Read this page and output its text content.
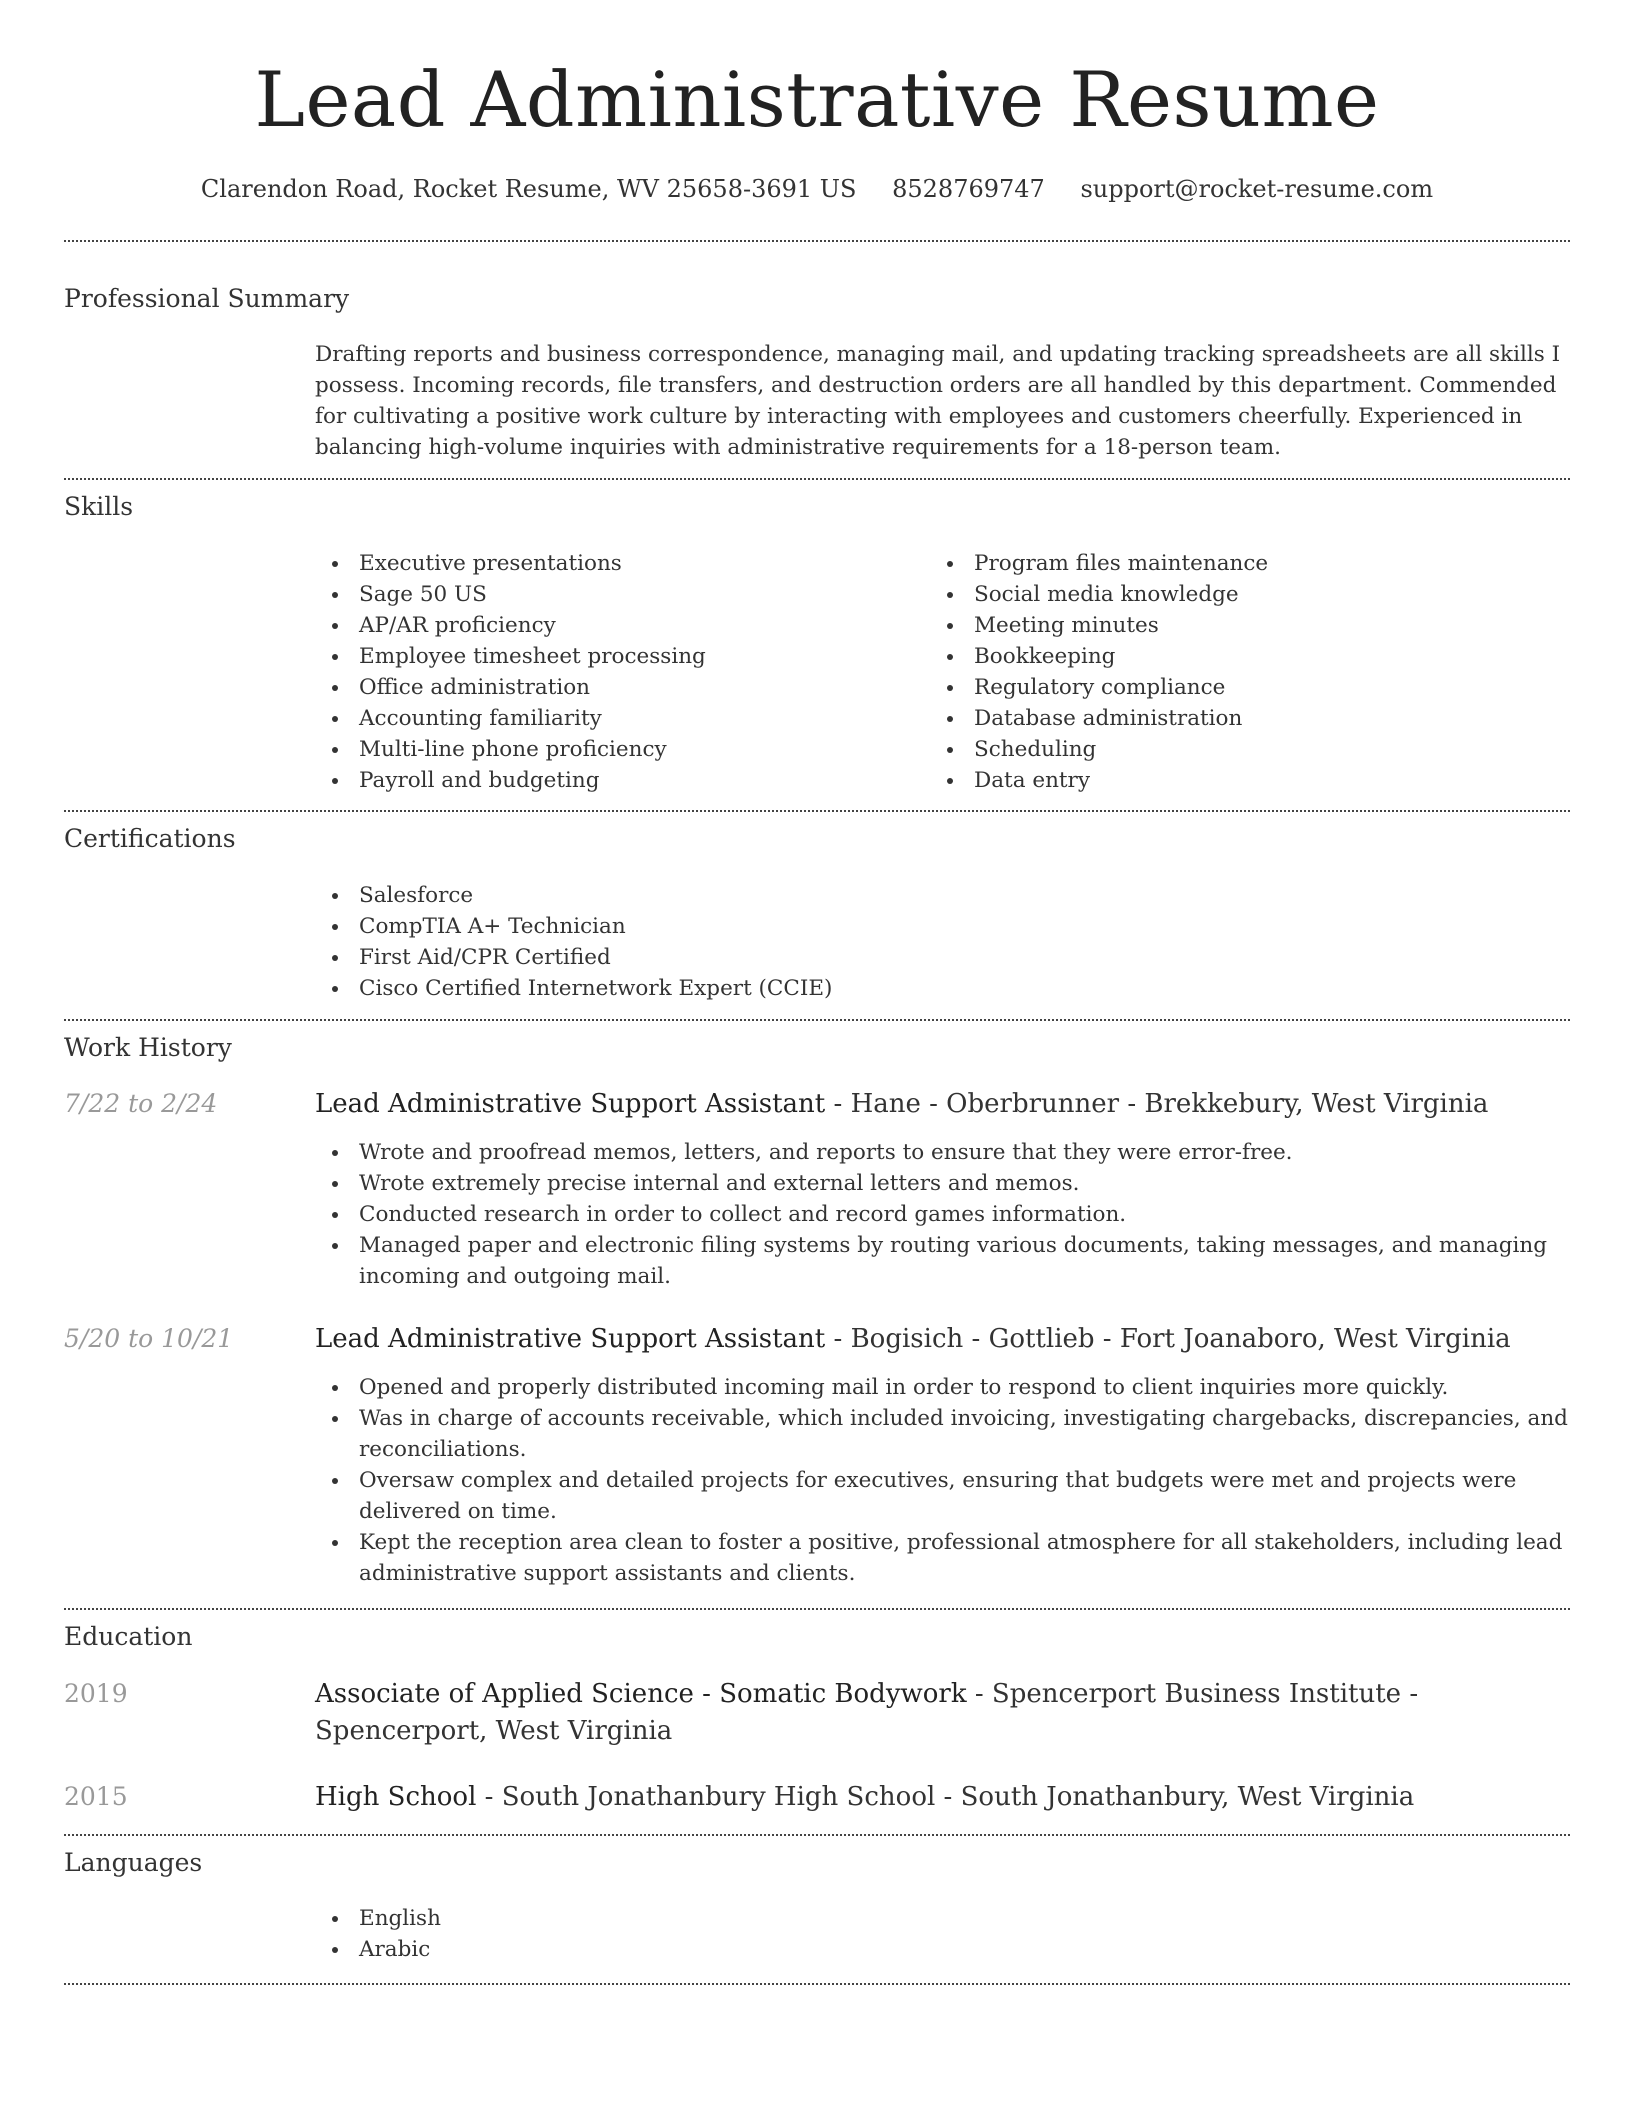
Lead Administrative Resume
Clarendon Road, Rocket Resume, WV 25658-3691 US 8528769747 support@rocket-resume.com
Professional Summary
Drafting reports and business correspondence, managing mail, and updating tracking spreadsheets are all skills I possess. Incoming records, file transfers, and destruction orders are all handled by this department. Commended for cultivating a positive work culture by interacting with employees and customers cheerfully. Experienced in balancing high-volume inquiries with administrative requirements for a 18-person team.
Skills
Executive presentations
Sage 50 US
AP/AR proficiency
Employee timesheet processing
Office administration
Accounting familiarity
Multi-line phone proficiency
Payroll and budgeting
Program files maintenance
Social media knowledge
Meeting minutes
Bookkeeping
Regulatory compliance
Database administration
Scheduling
Data entry
Certifications
Salesforce
CompTIA A+ Technician
First Aid/CPR Certified
Cisco Certified Internetwork Expert (CCIE)
Work History
7/22 to 2/24	Lead Administrative Support Assistant - Hane - Oberbrunner - Brekkebury, West Virginia
Wrote and proofread memos, letters, and reports to ensure that they were error-free.
Wrote extremely precise internal and external letters and memos.
Conducted research in order to collect and record games information.
Managed paper and electronic filing systems by routing various documents, taking messages, and managing incoming and outgoing mail.
5/20 to 10/21	Lead Administrative Support Assistant - Bogisich - Gottlieb - Fort Joanaboro, West Virginia
Opened and properly distributed incoming mail in order to respond to client inquiries more quickly.
Was in charge of accounts receivable, which included invoicing, investigating chargebacks, discrepancies, and reconciliations.
Oversaw complex and detailed projects for executives, ensuring that budgets were met and projects were delivered on time.
Kept the reception area clean to foster a positive, professional atmosphere for all stakeholders, including lead administrative support assistants and clients.
Education
2019	Associate of Applied Science - Somatic Bodywork - Spencerport Business Institute - Spencerport, West Virginia
2015	High School - South Jonathanbury High School - South Jonathanbury, West Virginia
Languages
English
Arabic
